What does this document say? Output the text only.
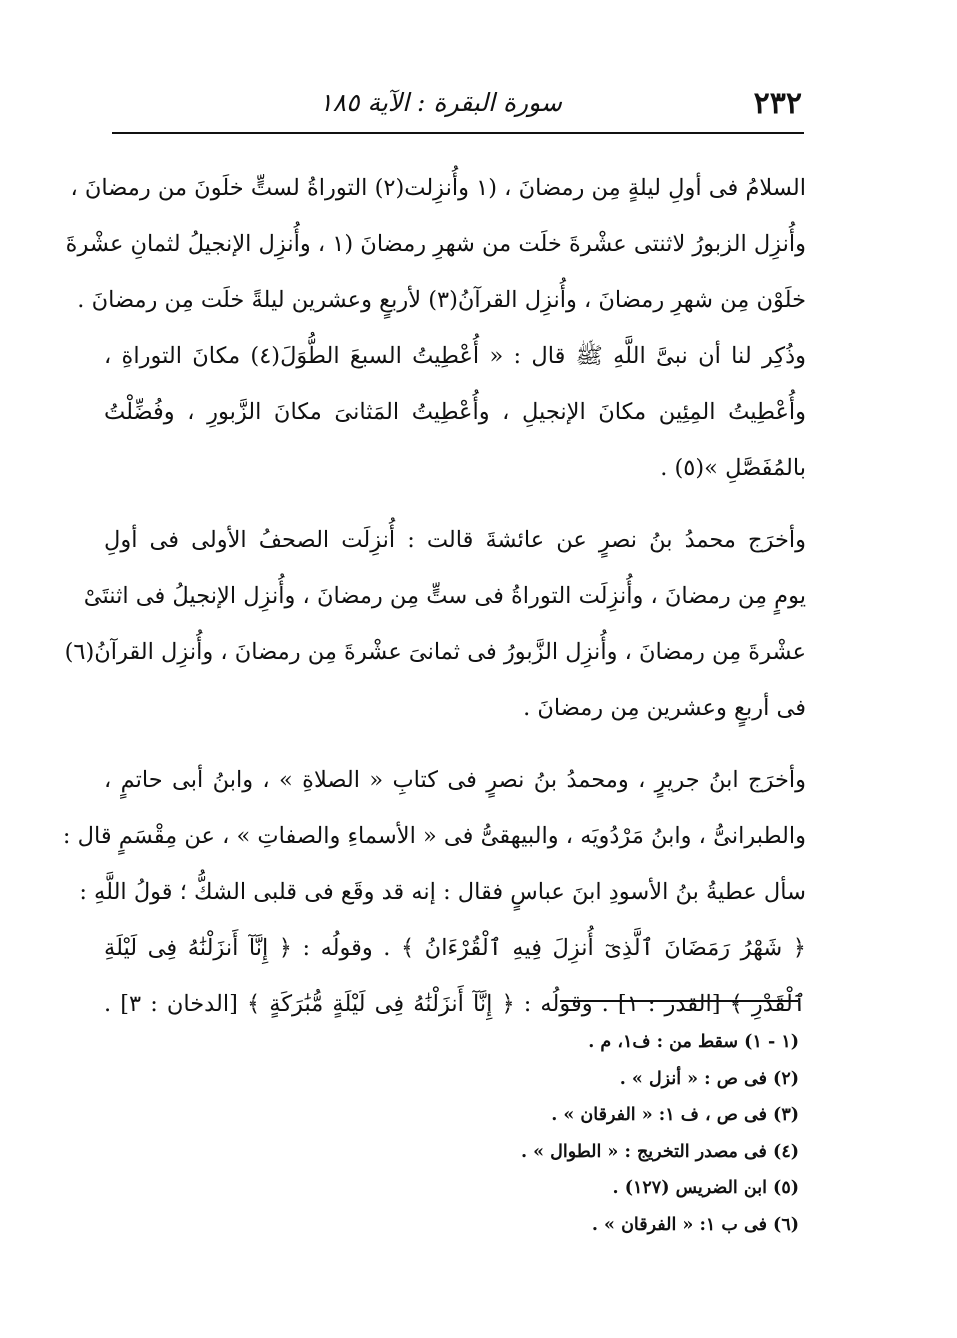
٢٣٢
سورة البقرة : الآية ١٨٥
السلامُ فى أولِ ليلةٍ مِن رمضانَ ، (١ وأُنزِلت(٢) التوراةُ لستٍّ خلَونَ من رمضانَ ،
وأُنزِل الزبورُ لاثنتى عشْرةَ خلَت من شهرِ رمضانَ (١ ، وأُنزِل الإنجيلُ لثمانِ عشْرةَ
خلَوْن مِن شهرِ رمضانَ ، وأُنزِل القرآنُ(٣) لأربعٍ وعشرين ليلةً خلَت مِن رمضانَ .
وذُكِر لنا أن نبىَّ اللَّهِ ﷺ قال : « أُعْطِيتُ السبعَ الطُّوَلَ(٤) مكانَ التوراةِ ،
وأُعْطِيتُ المِئِين مكانَ الإنجيلِ ، وأُعْطِيتُ المَثانىَ مكانَ الزَّبورِ ، وفُضِّلْتُ
بالمُفَصَّلِ »(٥) .
وأخرَج محمدُ بنُ نصرٍ عن عائشةَ قالت : أُنزِلَت الصحفُ الأولى فى أولِ
يومٍ مِن رمضانَ ، وأُنزِلَت التوراةُ فى ستٍّ مِن رمضانَ ، وأُنزِل الإنجيلُ فى اثنتَىْ
عشْرةَ مِن رمضانَ ، وأُنزِل الزَّبورُ فى ثمانىَ عشْرةَ مِن رمضانَ ، وأُنزِل القرآنُ(٦)
فى أربعٍ وعشرين مِن رمضانَ .
وأخرَج ابنُ جريرٍ ، ومحمدُ بنُ نصرٍ فى كتابِ « الصلاةِ » ، وابنُ أبى حاتمٍ ،
والطبرانىُّ ، وابنُ مَرْدُويَه ، والبيهقىُّ فى « الأسماءِ والصفاتِ » ، عن مِقْسَمٍ قال :
سأل عطيةُ بنُ الأسودِ ابنَ عباسٍ فقال : إنه قد وقَع فى قلبى الشكُّ ؛ قولُ اللَّهِ :
﴿ شَهْرُ رَمَضَانَ ٱلَّذِىٓ أُنزِلَ فِيهِ ٱلْقُرْءَانُ ﴾ . وقولُه : ﴿ إِنَّآ أَنزَلْنَٰهُ فِى لَيْلَةِ
ٱلْقَدْرِ ﴾ [القدر : ١] . وقولُه : ﴿ إِنَّآ أَنزَلْنَٰهُ فِى لَيْلَةٍ مُّبَٰرَكَةٍ ﴾ [الدخان : ٣] .
(١ - ١) سقط من : ف١، م .
(٢) فى ص : « أنزل » .
(٣) فى ص ، ف ١: « الفرقان » .
(٤) فى مصدر التخريج : « الطوال » .
(٥) ابن الضريس (١٢٧) .
(٦) فى ب ١: « الفرقان » .
